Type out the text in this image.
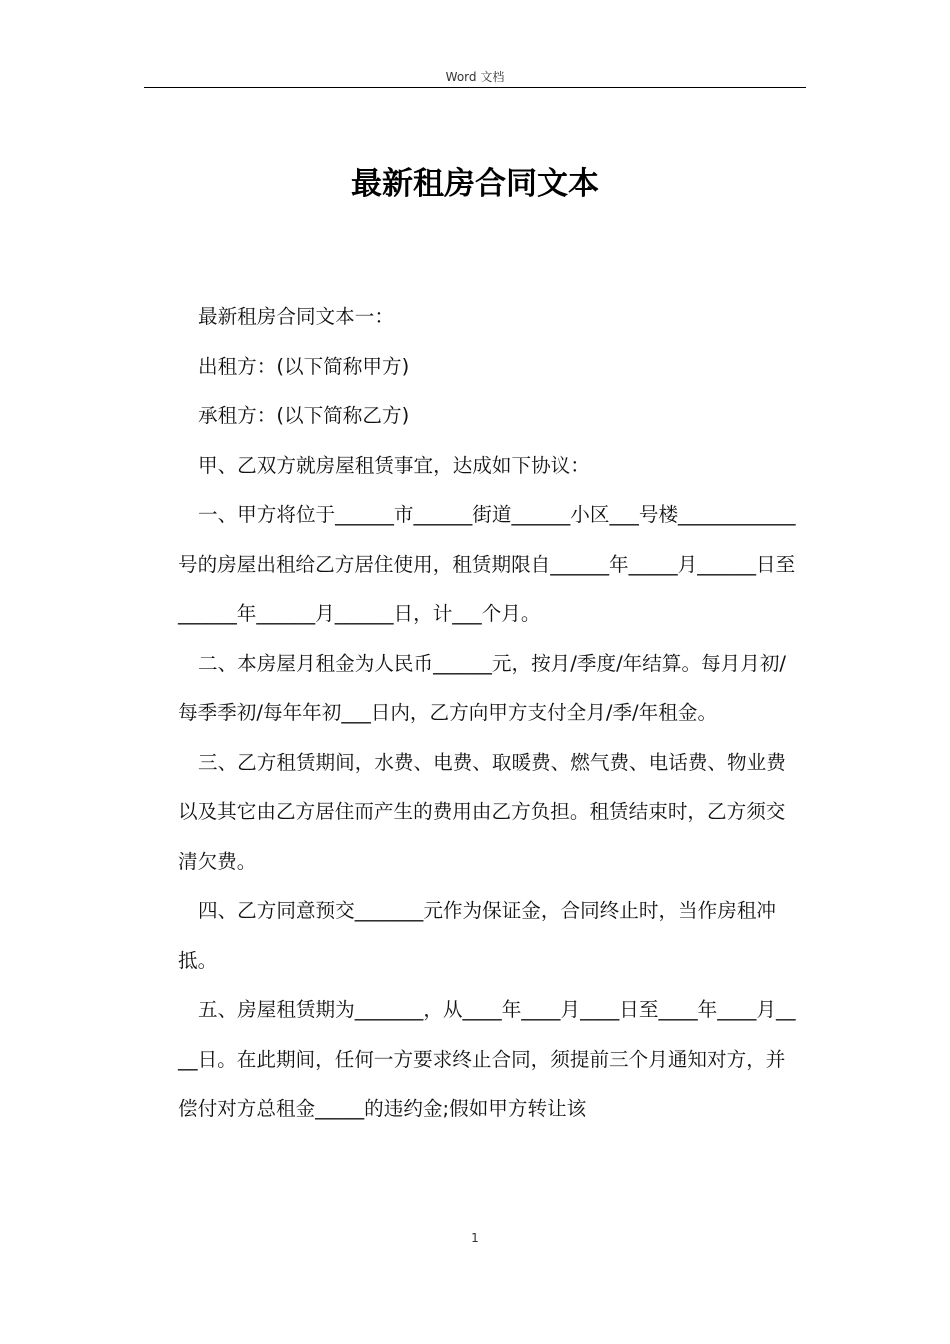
Word 文档
最新租房合同文本

最新租房合同文本一：

出租方：(以下简称甲方)

承租方：(以下简称乙方)

甲、乙双方就房屋租赁事宜，达成如下协议：

一、甲方将位于______市______街道______小区___号楼____________号的房屋出租给乙方居住使用，租赁期限自______年_____月______日至______年______月______日，计___个月。

二、本房屋月租金为人民币______元，按月/季度/年结算。每月月初/每季季初/每年年初___日内，乙方向甲方支付全月/季/年租金。

三、乙方租赁期间，水费、电费、取暖费、燃气费、电话费、物业费以及其它由乙方居住而产生的费用由乙方负担。租赁结束时，乙方须交清欠费。

四、乙方同意预交_______元作为保证金，合同终止时，当作房租冲抵。

五、房屋租赁期为_______，从____年____月____日至____年____月____日。在此期间，任何一方要求终止合同，须提前三个月通知对方，并偿付对方总租金_____的违约金;假如甲方转让该

1
